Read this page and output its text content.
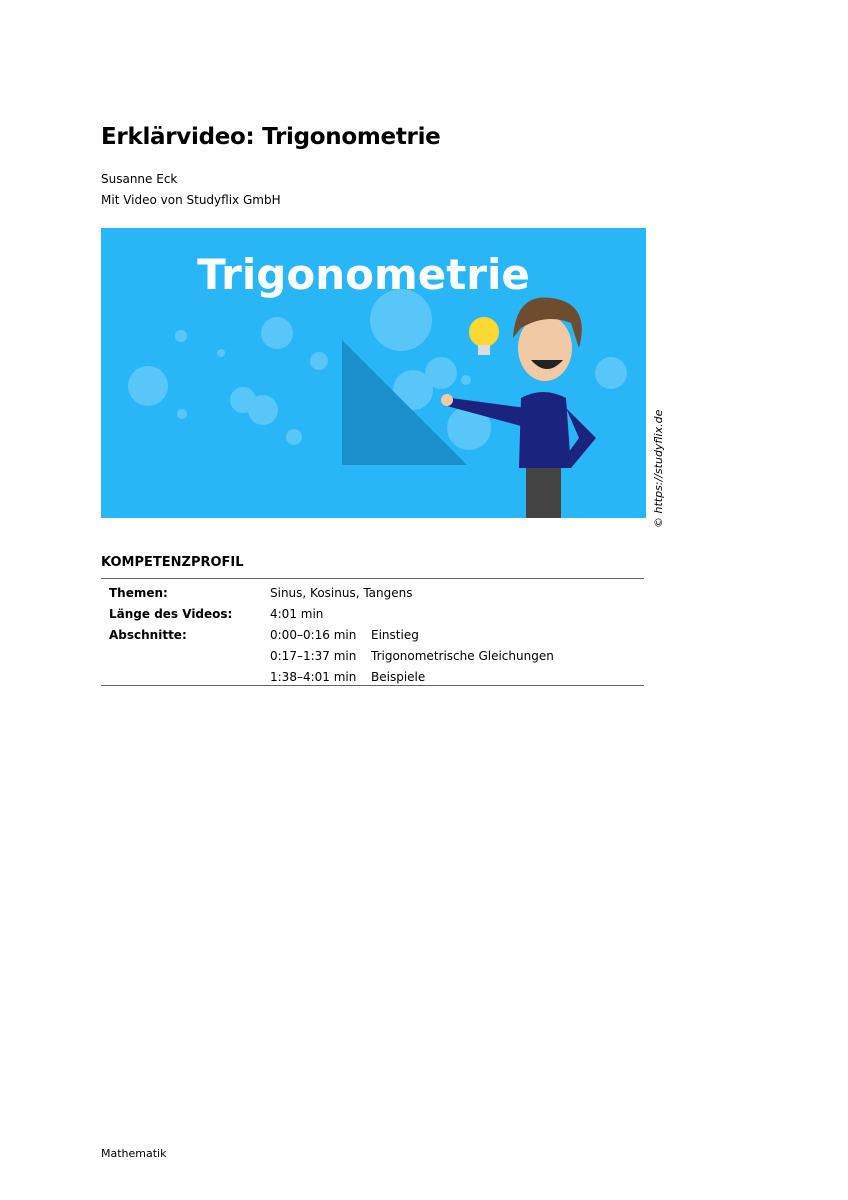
Erklärvideo: Trigonometrie
Susanne Eck
Mit Video von Studyflix GmbH
Trigonometrie
© https://studyflix.de
KOMPETENZPROFIL
Themen:	Sinus, Kosinus, Tangens
Länge des Videos:	4:01 min
Abschnitte:	0:00–0:16 min Einstieg
0:17–1:37 min Trigonometrische Gleichungen
1:38–4:01 min Beispiele
Mathematik
